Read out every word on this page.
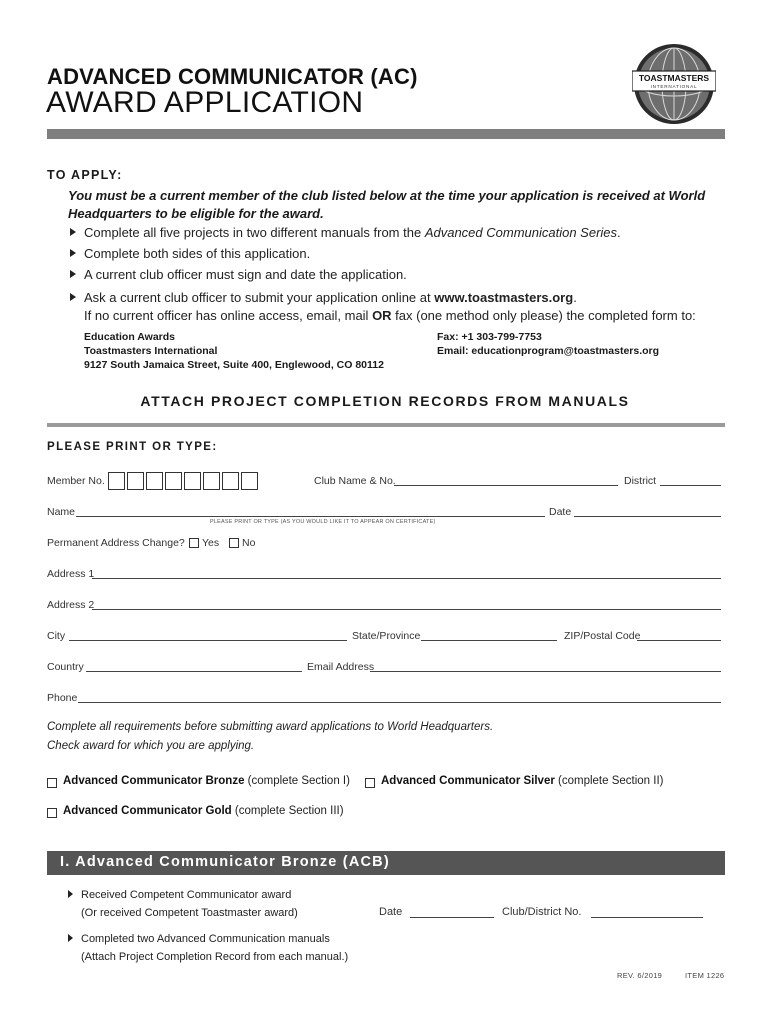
ADVANCED COMMUNICATOR (AC)
AWARD APPLICATION
TOASTMASTERS
INTERNATIONAL
TO APPLY:
You must be a current member of the club listed below at the time your application is received at World Headquarters to be eligible for the award.
Complete all five projects in two different manuals from the Advanced Communication Series.
Complete both sides of this application.
A current club officer must sign and date the application.
Ask a current club officer to submit your application online at www.toastmasters.org.
If no current officer has online access, email, mail OR fax (one method only please) the completed form to:
Education Awards
Toastmasters International
9127 South Jamaica Street, Suite 400, Englewood, CO 80112
Fax: +1 303-799-7753
Email: educationprogram@toastmasters.org
ATTACH PROJECT COMPLETION RECORDS FROM MANUALS
PLEASE PRINT OR TYPE:
Member No.	Club Name & No.	District
Name
PLEASE PRINT OR TYPE (AS YOU WOULD LIKE IT TO APPEAR ON CERTIFICATE)
Date
Permanent Address Change? Yes No
Address 1
Address 2
City	State/Province	ZIP/Postal Code
Country	Email Address
Phone
Complete all requirements before submitting award applications to World Headquarters.
Check award for which you are applying.
Advanced Communicator Bronze (complete Section I)	Advanced Communicator Silver (complete Section II)
Advanced Communicator Gold (complete Section III)
I. Advanced Communicator Bronze (ACB)
Received Competent Communicator award
(Or received Competent Toastmaster award)	Date	Club/District No.
Completed two Advanced Communication manuals
(Attach Project Completion Record from each manual.)
REV. 6/2019	ITEM 1226
